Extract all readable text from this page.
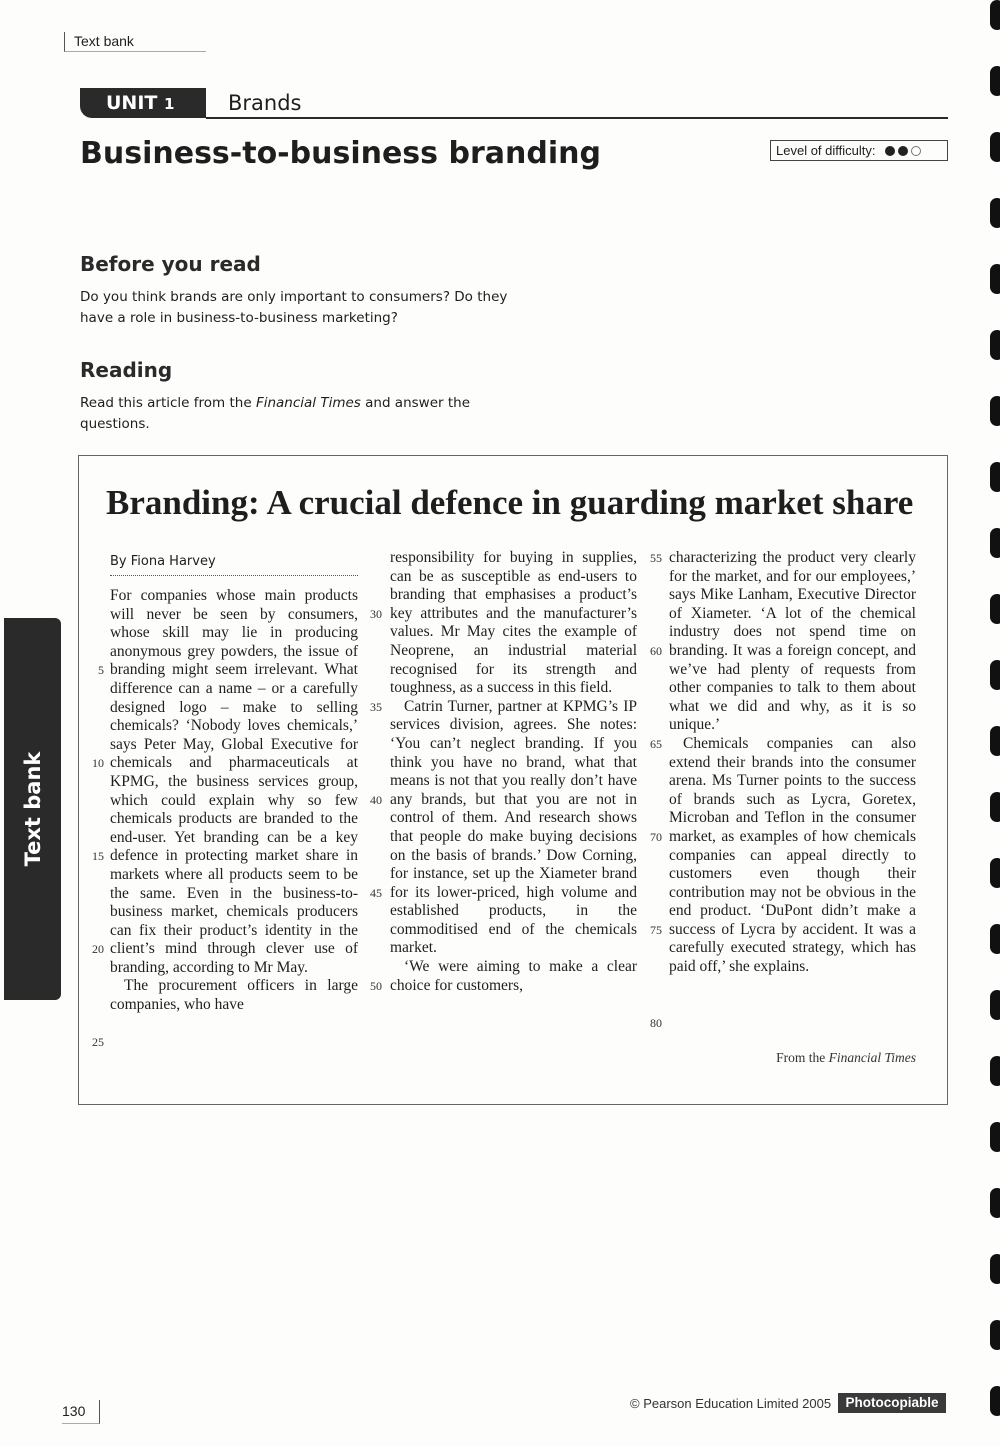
Text bank
UNIT 1	Brands
Business-to-business branding	Level of difficulty:
Before you read

Do you think brands are only important to consumers? Do they have a role in business-to-business marketing?

Reading

Read this article from the Financial Times and answer the questions.

Text bank
Branding: A crucial defence in guarding market share
By Fiona Harvey

For companies whose main products will never be seen by consumers, whose skill may lie in producing anonymous grey powders, the issue of branding might seem irrelevant. What difference can a name – or a carefully designed logo – make to selling chemicals? ‘Nobody loves chemicals,’ says Peter May, Global Executive for chemicals and pharmaceuticals at KPMG, the business services group, which could explain why so few chemicals products are branded to the end-user. Yet branding can be a key defence in protecting market share in markets where all products seem to be the same. Even in the business-to-business market, chemicals producers can fix their product’s identity in the client’s mind through clever use of branding, according to Mr May.

The procurement officers in large companies, who have

responsibility for buying in supplies, can be as susceptible as end-users to branding that emphasises a product’s key attributes and the manufacturer’s values. Mr May cites the example of Neoprene, an industrial material recognised for its strength and toughness, as a success in this field.

Catrin Turner, partner at KPMG’s IP services division, agrees. She notes: ‘You can’t neglect branding. If you think you have no brand, what that means is not that you really don’t have any brands, but that you are not in control of them. And research shows that people do make buying decisions on the basis of brands.’ Dow Corning, for instance, set up the Xiameter brand for its lower-priced, high volume and established products, in the commoditised end of the chemicals market.

‘We were aiming to make a clear choice for customers,

characterizing the product very clearly for the market, and for our employees,’ says Mike Lanham, Executive Director of Xiameter. ‘A lot of the chemical industry does not spend time on branding. It was a foreign concept, and we’ve had plenty of requests from other companies to talk to them about what we did and why, as it is so unique.’

Chemicals companies can also extend their brands into the consumer arena. Ms Turner points to the success of brands such as Lycra, Goretex, Microban and Teflon in the consumer market, as examples of how chemicals companies can appeal directly to customers even though their contribution may not be obvious in the end product. ‘DuPont didn’t make a success of Lycra by accident. It was a carefully executed strategy, which has paid off,’ she explains.

5
10
15
20
25
30
35
40
45
50
55
60
65
70
75
80
From the Financial Times
130	© Pearson Education Limited 2005	Photocopiable
